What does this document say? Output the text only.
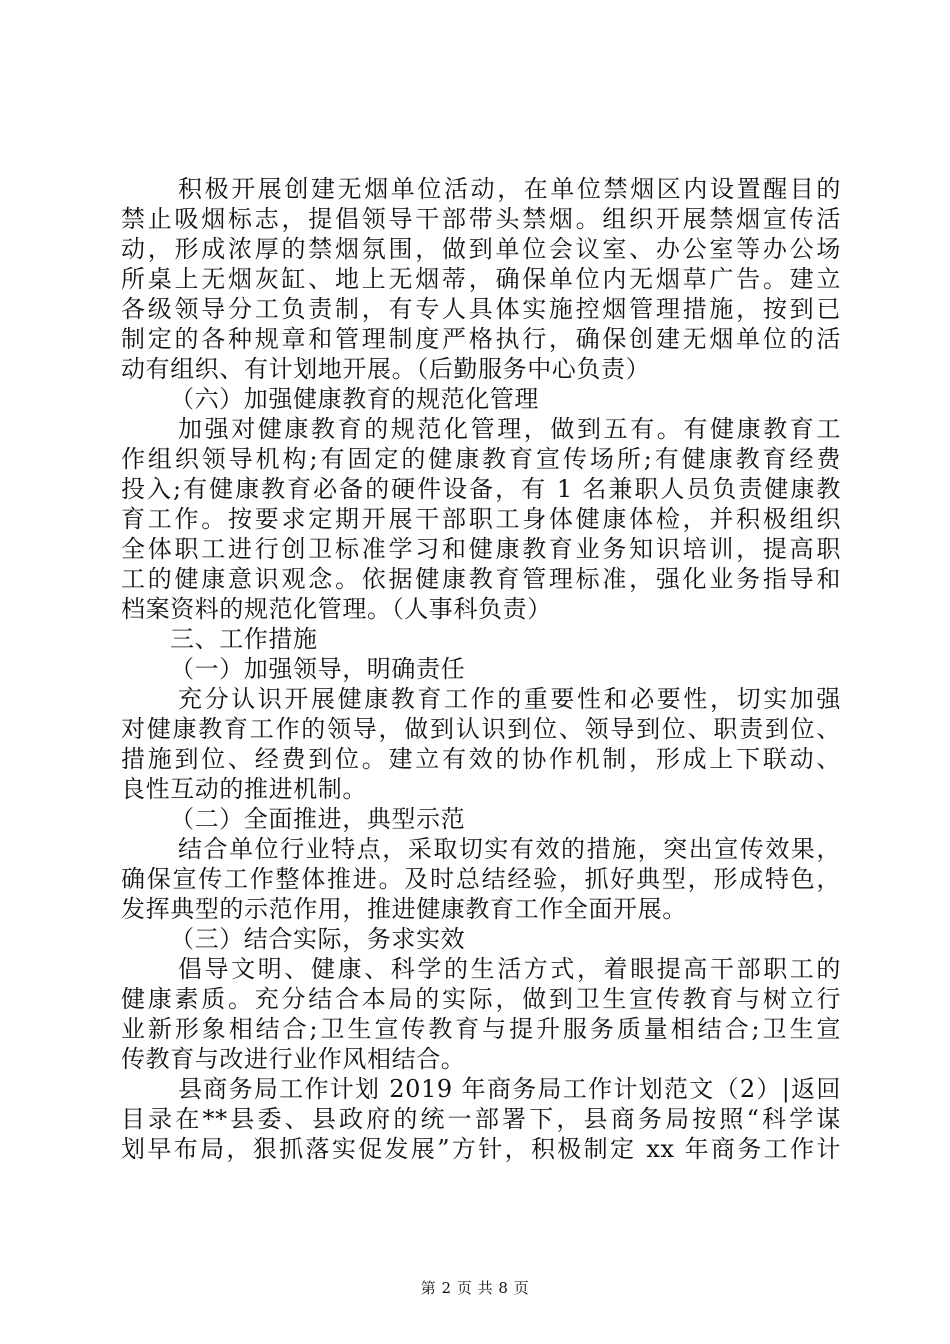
积极开展创建无烟单位活动，在单位禁烟区内设置醒目的
禁止吸烟标志，提倡领导干部带头禁烟。组织开展禁烟宣传活
动，形成浓厚的禁烟氛围，做到单位会议室、办公室等办公场
所桌上无烟灰缸、地上无烟蒂，确保单位内无烟草广告。建立
各级领导分工负责制，有专人具体实施控烟管理措施，按到已
制定的各种规章和管理制度严格执行，确保创建无烟单位的活
动有组织、有计划地开展。（后勤服务中心负责）
（六）加强健康教育的规范化管理
加强对健康教育的规范化管理，做到五有。有健康教育工
作组织领导机构;有固定的健康教育宣传场所;有健康教育经费
投入;有健康教育必备的硬件设备，有 1 名兼职人员负责健康教
育工作。按要求定期开展干部职工身体健康体检，并积极组织
全体职工进行创卫标准学习和健康教育业务知识培训，提高职
工的健康意识观念。依据健康教育管理标准，强化业务指导和
档案资料的规范化管理。（人事科负责）
三、工作措施
（一）加强领导，明确责任
充分认识开展健康教育工作的重要性和必要性，切实加强
对健康教育工作的领导，做到认识到位、领导到位、职责到位、
措施到位、经费到位。建立有效的协作机制，形成上下联动、
良性互动的推进机制。
（二）全面推进，典型示范
结合单位行业特点，采取切实有效的措施，突出宣传效果，
确保宣传工作整体推进。及时总结经验，抓好典型，形成特色，
发挥典型的示范作用，推进健康教育工作全面开展。
（三）结合实际，务求实效
倡导文明、健康、科学的生活方式，着眼提高干部职工的
健康素质。充分结合本局的实际，做到卫生宣传教育与树立行
业新形象相结合;卫生宣传教育与提升服务质量相结合;卫生宣
传教育与改进行业作风相结合。
县商务局工作计划 2019 年商务局工作计划范文（2）|返回
目录在**县委、县政府的统一部署下，县商务局按照“科学谋
划早布局，狠抓落实促发展”方针，积极制定 xx 年商务工作计
第 2 页 共 8 页
